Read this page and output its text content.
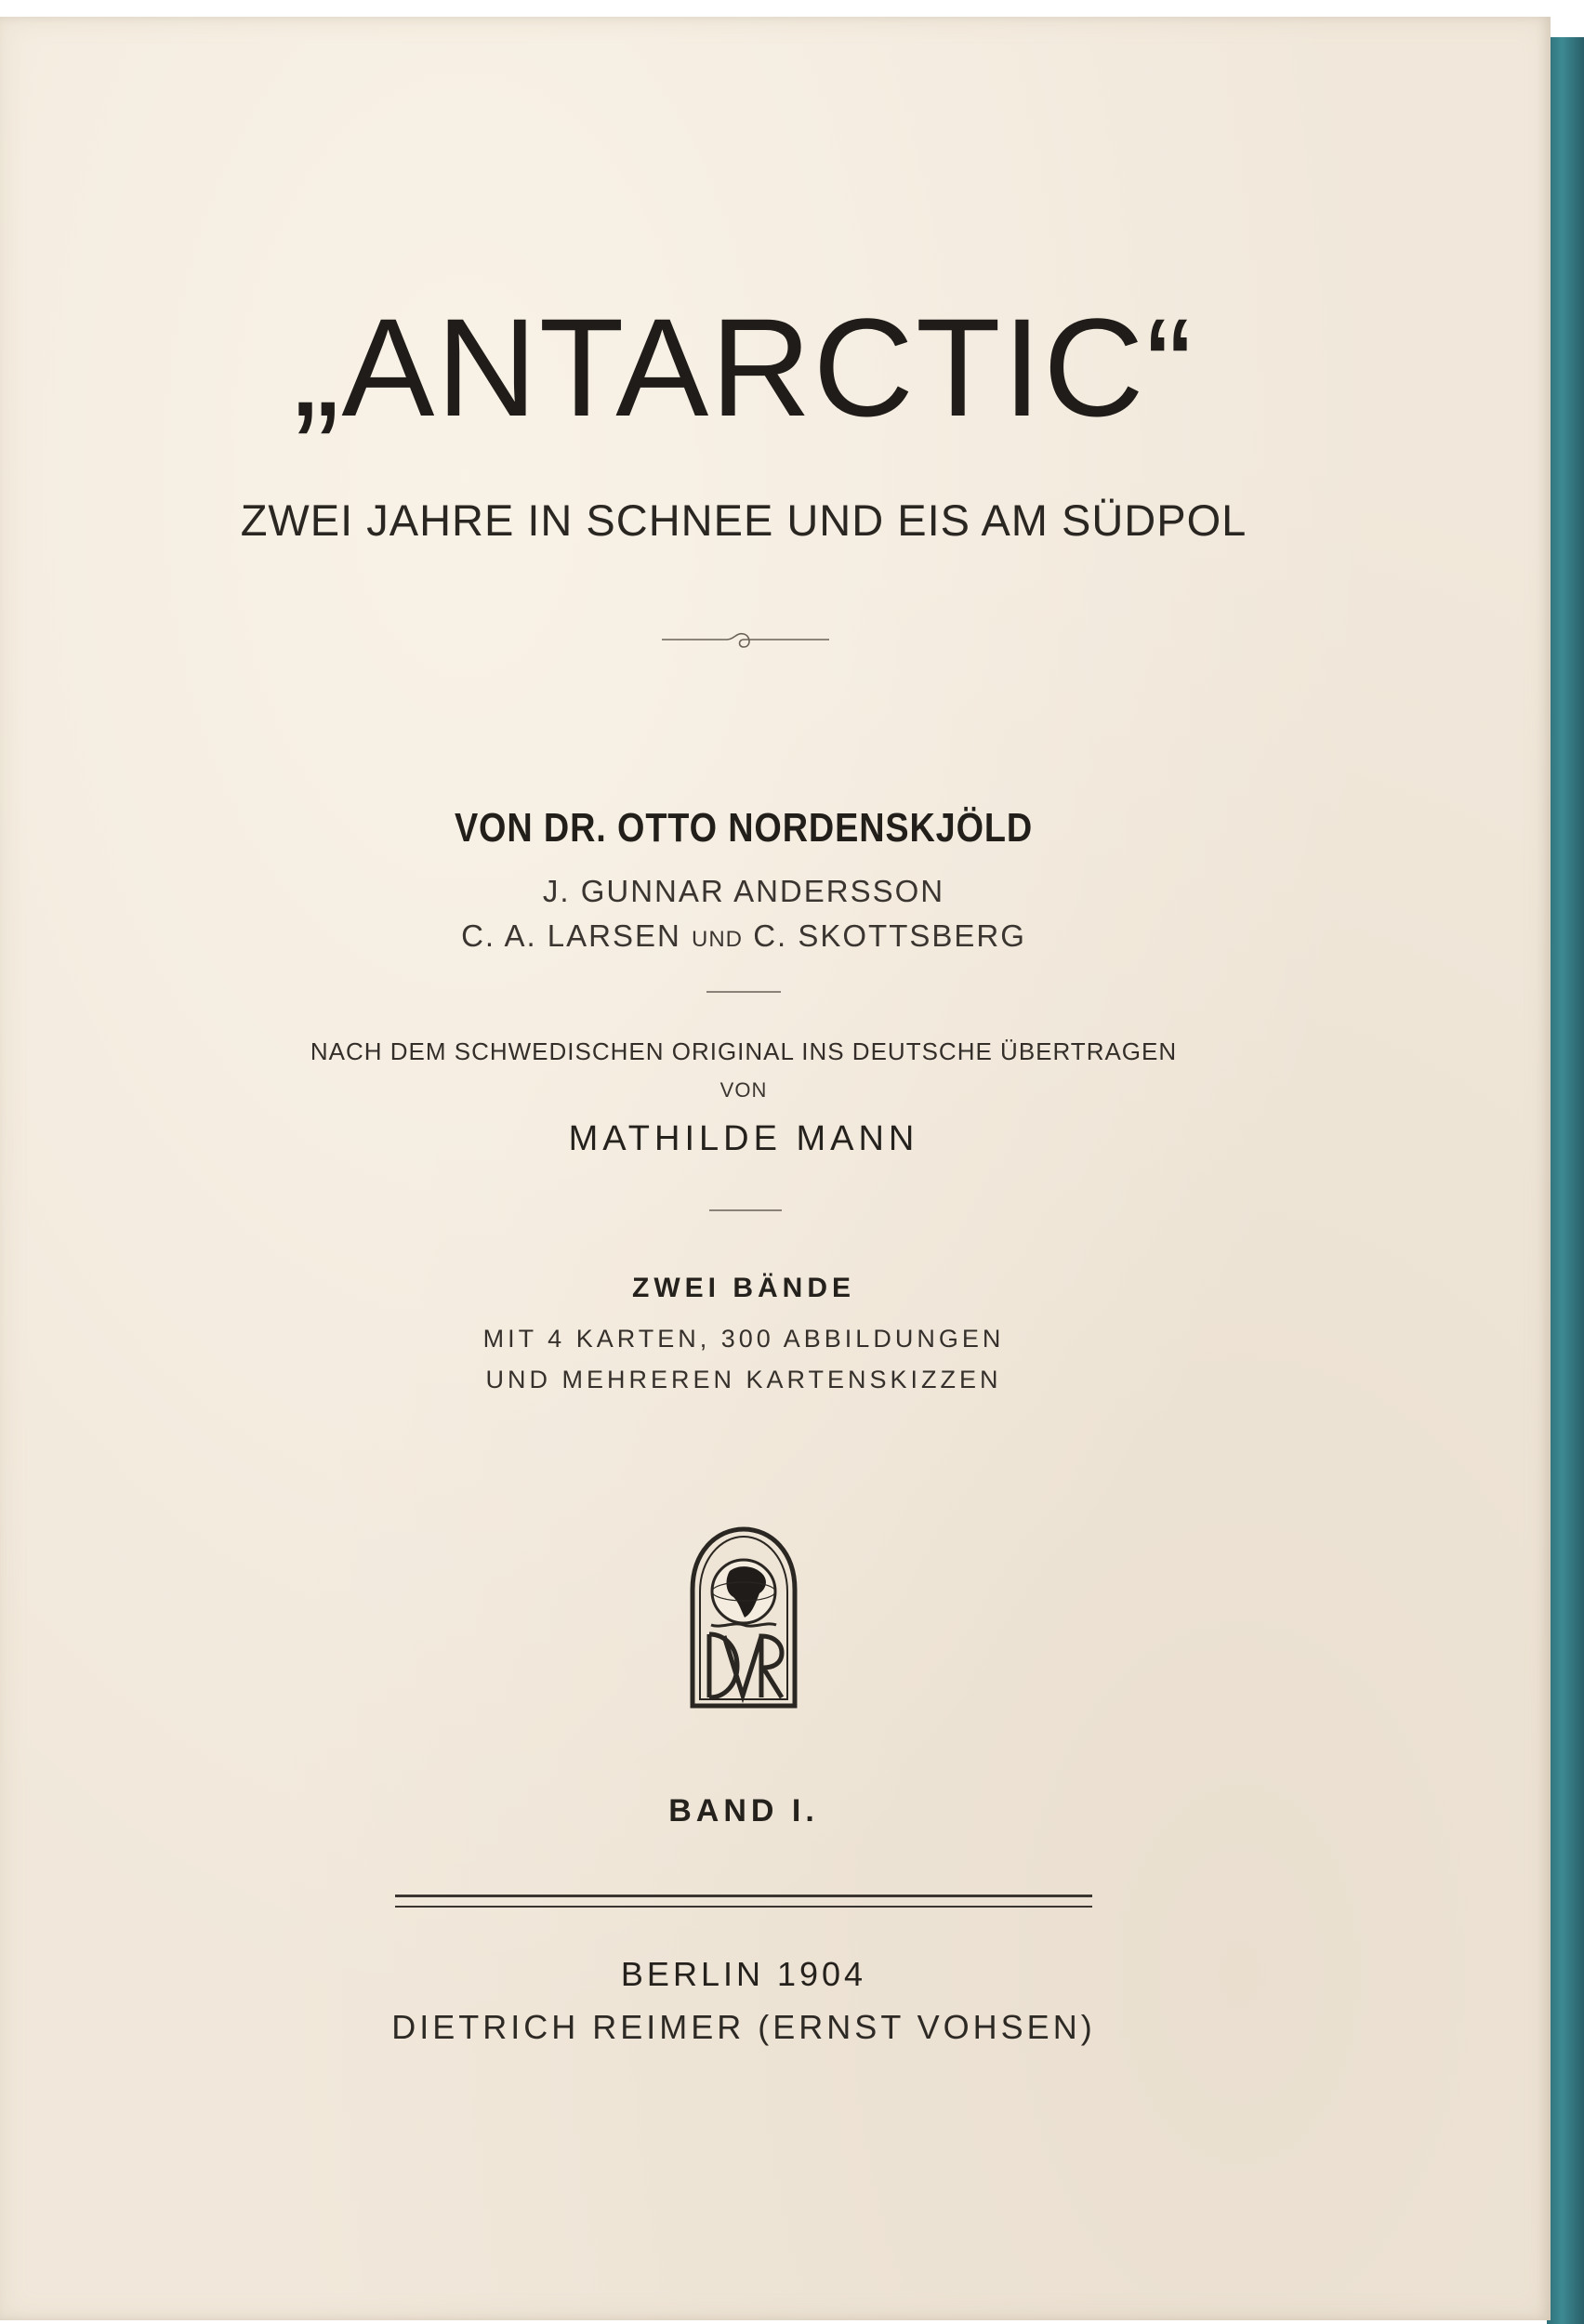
„ANTARCTIC“
ZWEI JAHRE IN SCHNEE UND EIS AM SÜDPOL
VON DR. OTTO NORDENSKJÖLD
J. GUNNAR ANDERSSON
C. A. LARSEN UND C. SKOTTSBERG
NACH DEM SCHWEDISCHEN ORIGINAL INS DEUTSCHE ÜBERTRAGEN
VON
MATHILDE MANN
ZWEI BÄNDE
MIT 4 KARTEN, 300 ABBILDUNGEN
UND MEHREREN KARTENSKIZZEN
BAND I.
BERLIN 1904
DIETRICH REIMER (ERNST VOHSEN)
